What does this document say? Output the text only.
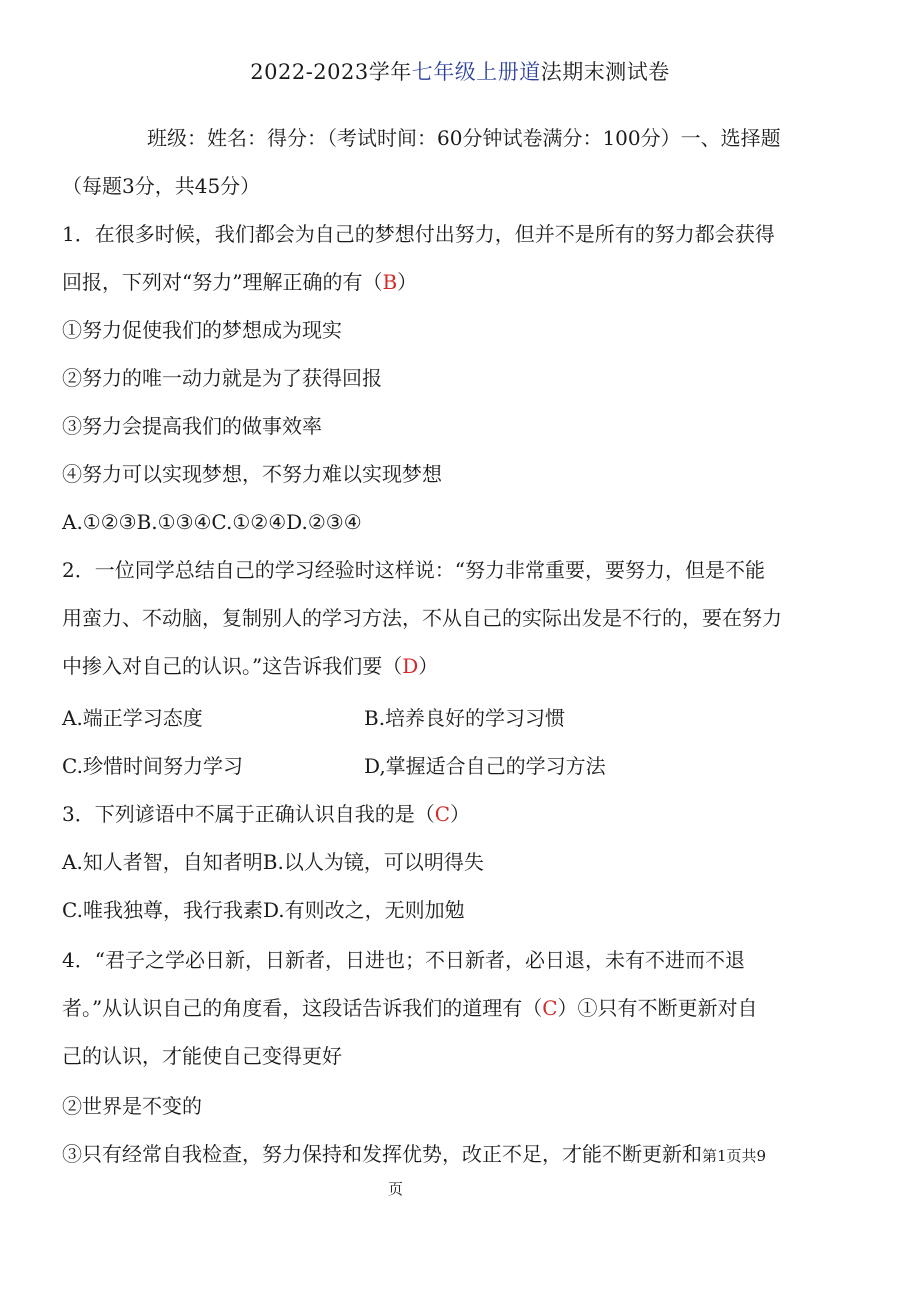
2022-2023学年七年级上册道法期末测试卷
班级：姓名：得分：（考试时间：60分钟试卷满分：100分）一、选择题
（每题3分，共45分）
1．在很多时候，我们都会为自己的梦想付出努力，但并不是所有的努力都会获得
回报，下列对“努力”理解正确的有（B）
①努力促使我们的梦想成为现实
②努力的唯一动力就是为了获得回报
③努力会提高我们的做事效率
④努力可以实现梦想，不努力难以实现梦想
A.①②③B.①③④C.①②④D.②③④
2．一位同学总结自己的学习经验时这样说：“努力非常重要，要努力，但是不能
用蛮力、不动脑，复制别人的学习方法，不从自己的实际出发是不行的，要在努力
中掺入对自己的认识。”这告诉我们要（D）
A.端正学习态度	B.培养良好的学习习惯
C.珍惜时间努力学习	D,掌握适合自己的学习方法
3．下列谚语中不属于正确认识自我的是（C）
A.知人者智，自知者明B.以人为镜，可以明得失
C.唯我独尊，我行我素D.有则改之，无则加勉
4．“君子之学必日新，日新者，日进也；不日新者，必日退，未有不进而不退
者。”从认识自己的角度看，这段话告诉我们的道理有（C）①只有不断更新对自
己的认识，才能使自己变得更好
②世界是不变的
③只有经常自我检查，努力保持和发挥优势，改正不足，才能不断更新和第1页共9
页
